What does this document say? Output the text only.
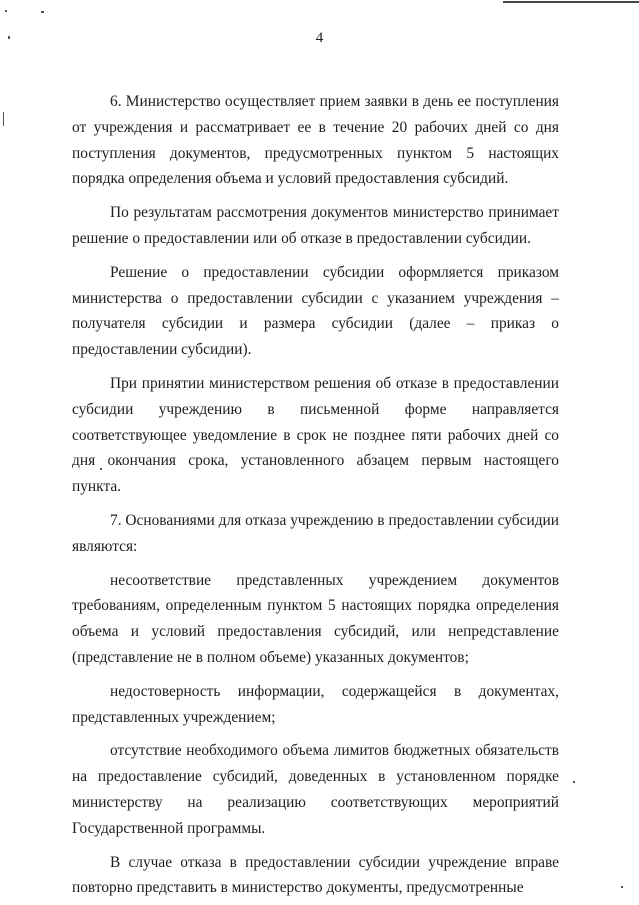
4

6. Министерство осуществляет прием заявки в день ее поступления от учреждения и рассматривает ее в течение 20 рабочих дней со дня поступления документов, предусмотренных пунктом 5 настоящих порядка определения объема и условий предоставления субсидий.

По результатам рассмотрения документов министерство принимает решение о предоставлении или об отказе в предоставлении субсидии.

Решение о предоставлении субсидии оформляется приказом министерства о предоставлении субсидии с указанием учреждения – получателя субсидии и размера субсидии (далее – приказ о предоставлении субсидии).

При принятии министерством решения об отказе в предоставлении субсидии учреждению в письменной форме направляется соответствующее уведомление в срок не позднее пяти рабочих дней со дня окончания срока, установленного абзацем первым настоящего пункта.

7. Основаниями для отказа учреждению в предоставлении субсидии являются:

несоответствие представленных учреждением документов требованиям, определенным пунктом 5 настоящих порядка определения объема и условий предоставления субсидий, или непредставление (представление не в полном объеме) указанных документов;

недостоверность информации, содержащейся в документах, представленных учреждением;

отсутствие необходимого объема лимитов бюджетных обязательств на предоставление субсидий, доведенных в установленном порядке министерству на реализацию соответствующих мероприятий Государственной программы.

В случае отказа в предоставлении субсидии учреждение вправе повторно представить в министерство документы, предусмотренные
